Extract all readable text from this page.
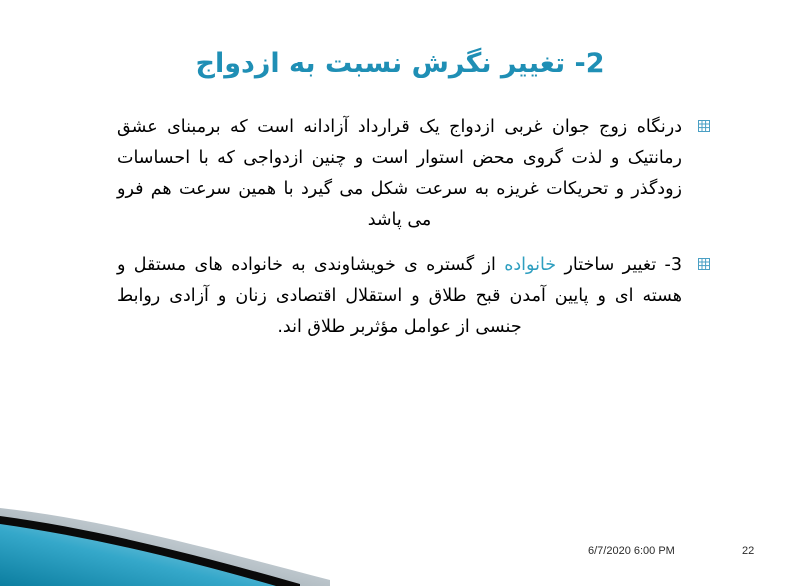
2- تغییر نگرش نسبت به ازدواج
درنگاه زوج جوان غربی ازدواج یک قرارداد آزادانه است که برمبنای عشق رمانتیک و لذت گروی محض استوار است و چنین ازدواجی که با احساسات زودگذر و تحریکات غریزه به سرعت شکل می گیرد با همین سرعت هم فرو می پاشد
3- تغییر ساختار خانواده از گستره ی خویشاوندی به خانواده های مستقل و هسته ای و پایین آمدن قبح طلاق و استقلال اقتصادی زنان و آزادی روابط جنسی از عوامل مؤثربر طلاق اند.
6/7/2020 6:00 PM	22
